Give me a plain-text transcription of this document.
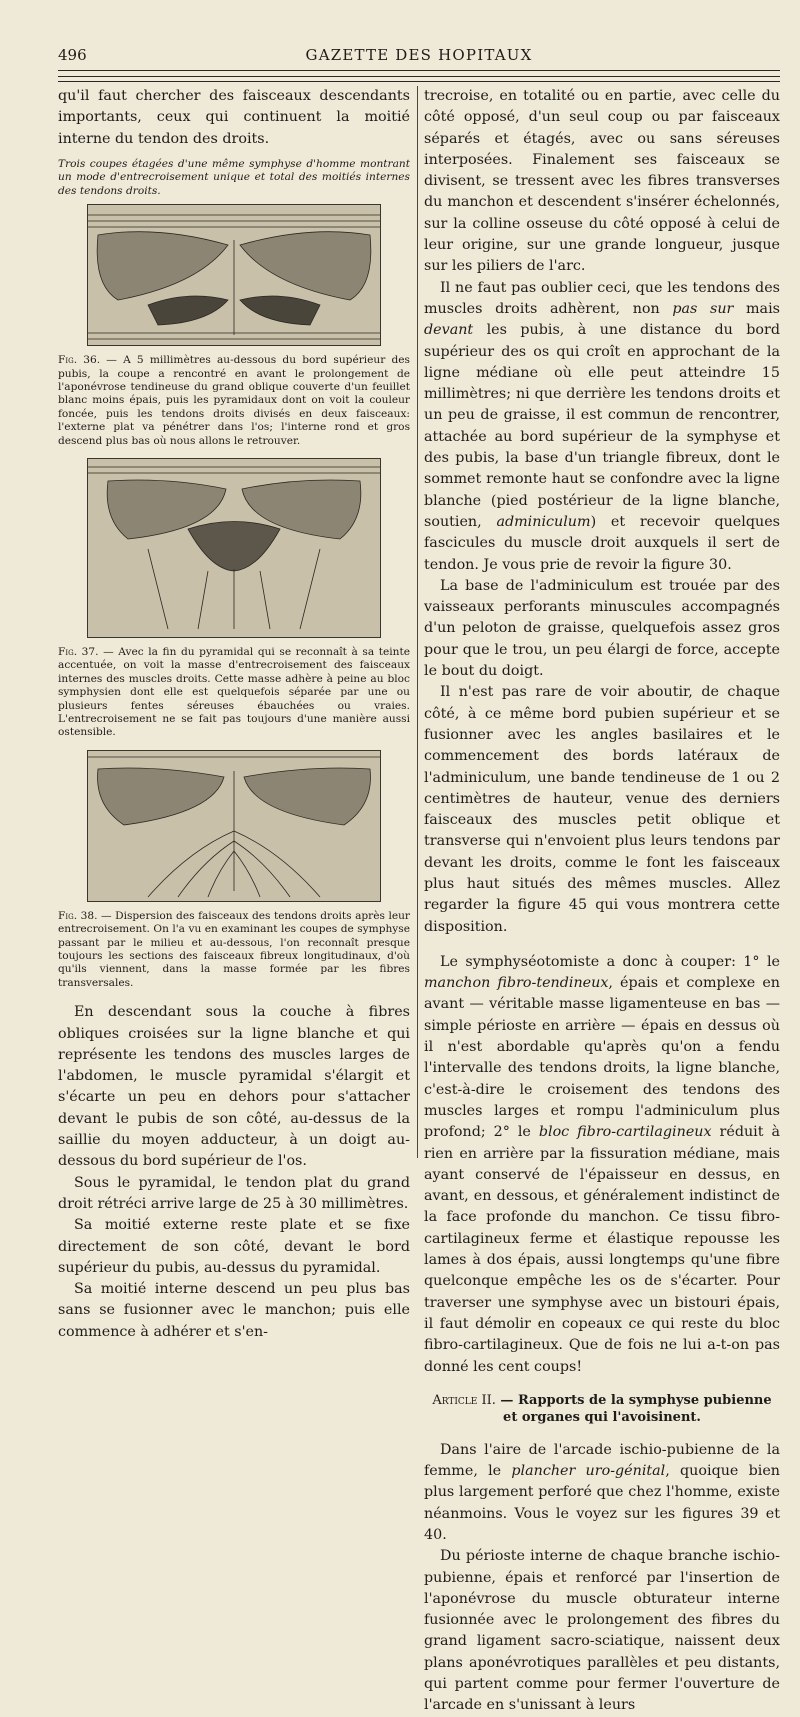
496	GAZETTE DES HOPITAUX

qu'il faut chercher des faisceaux descendants importants, ceux qui continuent la moitié interne du tendon des droits.

Trois coupes étagées d'une même symphyse d'homme montrant un mode d'entrecroisement unique et total des moitiés internes des tendons droits.

Fig. 36. — A 5 millimètres au-dessous du bord supérieur des pubis, la coupe a rencontré en avant le prolongement de l'aponévrose tendineuse du grand oblique couverte d'un feuillet blanc moins épais, puis les pyramidaux dont on voit la couleur foncée, puis les tendons droits divisés en deux faisceaux: l'externe plat va pénétrer dans l'os; l'interne rond et gros descend plus bas où nous allons le retrouver.

Fig. 37. — Avec la fin du pyramidal qui se reconnaît à sa teinte accentuée, on voit la masse d'entrecroisement des faisceaux internes des muscles droits. Cette masse adhère à peine au bloc symphysien dont elle est quelquefois séparée par une ou plusieurs fentes séreuses ébauchées ou vraies. L'entrecroisement ne se fait pas toujours d'une manière aussi ostensible.

Fig. 38. — Dispersion des faisceaux des tendons droits après leur entrecroisement. On l'a vu en examinant les coupes de symphyse passant par le milieu et au-dessous, l'on reconnaît presque toujours les sections des faisceaux fibreux longitudinaux, d'où qu'ils viennent, dans la masse formée par les fibres transversales.

En descendant sous la couche à fibres obliques croisées sur la ligne blanche et qui représente les tendons des muscles larges de l'abdomen, le muscle pyramidal s'élargit et s'écarte un peu en dehors pour s'attacher devant le pubis de son côté, au-dessus de la saillie du moyen adducteur, à un doigt au-dessous du bord supérieur de l'os.

Sous le pyramidal, le tendon plat du grand droit rétréci arrive large de 25 à 30 millimètres.

Sa moitié externe reste plate et se fixe directement de son côté, devant le bord supérieur du pubis, au-dessus du pyramidal.

Sa moitié interne descend un peu plus bas sans se fusionner avec le manchon; puis elle commence à adhérer et s'en-

trecroise, en totalité ou en partie, avec celle du côté opposé, d'un seul coup ou par faisceaux séparés et étagés, avec ou sans séreuses interposées. Finalement ses faisceaux se divisent, se tressent avec les fibres transverses du manchon et descendent s'insérer échelonnés, sur la colline osseuse du côté opposé à celui de leur origine, sur une grande longueur, jusque sur les piliers de l'arc.

Il ne faut pas oublier ceci, que les tendons des muscles droits adhèrent, non pas sur mais devant les pubis, à une distance du bord supérieur des os qui croît en approchant de la ligne médiane où elle peut atteindre 15 millimètres; ni que derrière les tendons droits et un peu de graisse, il est commun de rencontrer, attachée au bord supérieur de la symphyse et des pubis, la base d'un triangle fibreux, dont le sommet remonte haut se confondre avec la ligne blanche (pied postérieur de la ligne blanche, soutien, adminiculum) et recevoir quelques fascicules du muscle droit auxquels il sert de tendon. Je vous prie de revoir la figure 30.

La base de l'adminiculum est trouée par des vaisseaux perforants minuscules accompagnés d'un peloton de graisse, quelquefois assez gros pour que le trou, un peu élargi de force, accepte le bout du doigt.

Il n'est pas rare de voir aboutir, de chaque côté, à ce même bord pubien supérieur et se fusionner avec les angles basilaires et le commencement des bords latéraux de l'adminiculum, une bande tendineuse de 1 ou 2 centimètres de hauteur, venue des derniers faisceaux des muscles petit oblique et transverse qui n'envoient plus leurs tendons par devant les droits, comme le font les faisceaux plus haut situés des mêmes muscles. Allez regarder la figure 45 qui vous montrera cette disposition.

Le symphyséotomiste a donc à couper: 1° le manchon fibro-tendineux, épais et complexe en avant — véritable masse ligamenteuse en bas — simple périoste en arrière — épais en dessus où il n'est abordable qu'après qu'on a fendu l'intervalle des tendons droits, la ligne blanche, c'est-à-dire le croisement des tendons des muscles larges et rompu l'adminiculum plus profond; 2° le bloc fibro-cartilagineux réduit à rien en arrière par la fissuration médiane, mais ayant conservé de l'épaisseur en dessus, en avant, en dessous, et généralement indistinct de la face profonde du manchon. Ce tissu fibro-cartilagineux ferme et élastique repousse les lames à dos épais, aussi longtemps qu'une fibre quelconque empêche les os de s'écarter. Pour traverser une symphyse avec un bistouri épais, il faut démolir en copeaux ce qui reste du bloc fibro-cartilagineux. Que de fois ne lui a-t-on pas donné les cent coups!

Article II. — Rapports de la symphyse pubienne et organes qui l'avoisinent.

Dans l'aire de l'arcade ischio-pubienne de la femme, le plancher uro-génital, quoique bien plus largement perforé que chez l'homme, existe néanmoins. Vous le voyez sur les figures 39 et 40.

Du périoste interne de chaque branche ischio-pubienne, épais et renforcé par l'insertion de l'aponévrose du muscle obturateur interne fusionnée avec le prolongement des fibres du grand ligament sacro-sciatique, naissent deux plans aponévrotiques parallèles et peu distants, qui partent comme pour fermer l'ouverture de l'arcade en s'unissant à leurs
